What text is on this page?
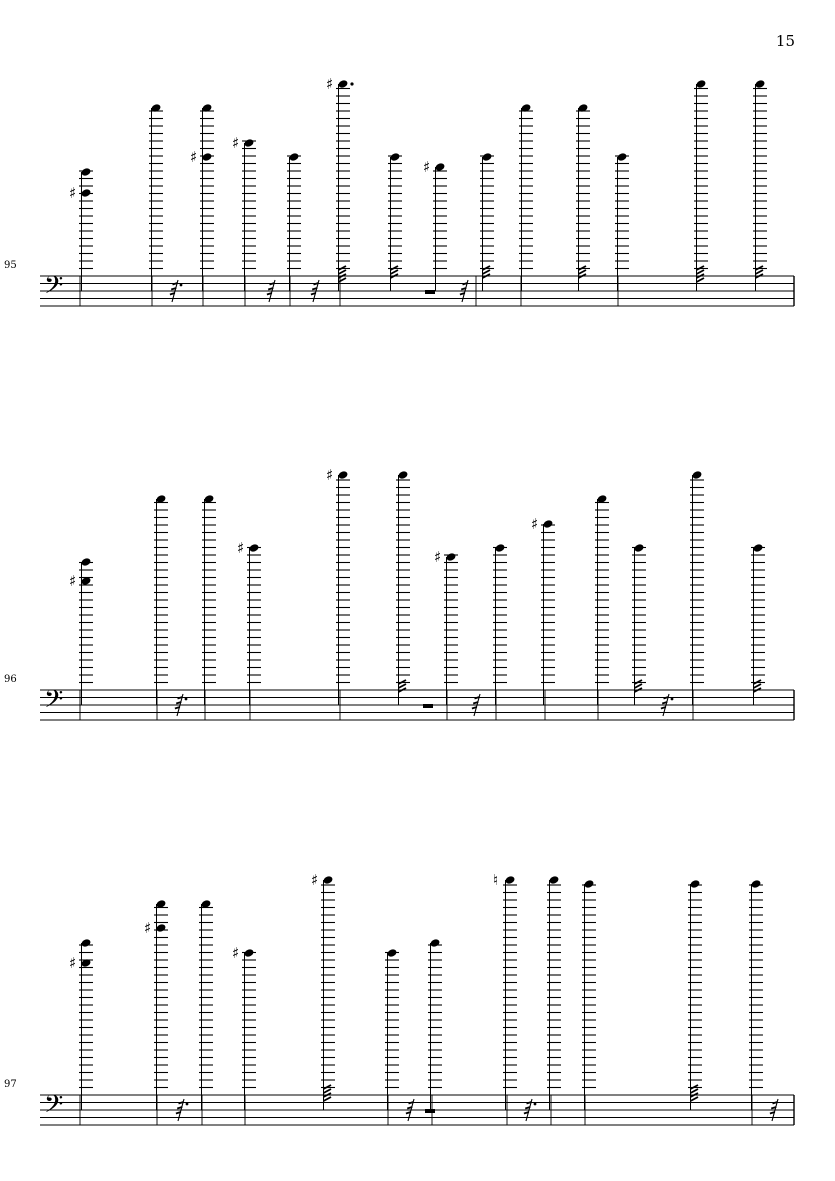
15
95
96
97
𝄢
♯
♯
♯
♯
♯
𝄢
♯
♯
♯
♯
♯
𝄢
♯
♯
♯
♯	♮
